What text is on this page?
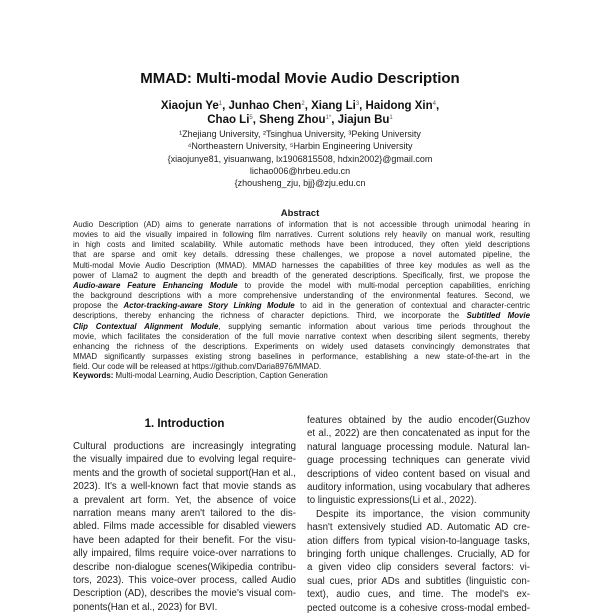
MMAD: Multi-modal Movie Audio Description
Xiaojun Ye$^1$, Junhao Chen$^2$, Xiang Li$^3$, Haidong Xin$^4$,
Chao Li$^5$, Sheng Zhou$^{1*}$, Jiajun Bu$^1$
¹Zhejiang University, ²Tsinghua University, ³Peking University
⁴Northeastern University, ⁵Harbin Engineering University
{xiaojunye81, yisuanwang, lx1906815508, hdxin2002}@gmail.com
lichao006@hrbeu.edu.cn
{zhousheng_zju, bjj}@zju.edu.cn
Abstract
Audio Description (AD) aims to generate narrations of information that is not accessible through unimodal hearing in
movies to aid the visually impaired in following film narratives. Current solutions rely heavily on manual work, resulting
in high costs and limited scalability. While automatic methods have been introduced, they often yield descriptions
that are sparse and omit key details. ddressing these challenges, we propose a novel automated pipeline, the
Multi-modal Movie Audio Description (MMAD). MMAD harnesses the capabilities of three key modules as well as the
power of Llama2 to augment the depth and breadth of the generated descriptions. Specifically, first, we propose the
Audio-aware Feature Enhancing Module to provide the model with multi-modal perception capabilities, enriching
the background descriptions with a more comprehensive understanding of the environmental features. Second, we
propose the Actor-tracking-aware Story Linking Module to aid in the generation of contextual and character-centric
descriptions, thereby enhancing the richness of character depictions. Third, we incorporate the Subtitled Movie
Clip Contextual Alignment Module, supplying semantic information about various time periods throughout the
movie, which facilitates the consideration of the full movie narrative context when describing silent segments, thereby
enhancing the richness of the descriptions. Experiments on widely used datasets convincingly demonstrates that
MMAD significantly surpasses existing strong baselines in performance, establishing a new state-of-the-art in the
field. Our code will be released at https://github.com/Daria8976/MMAD.
Keywords: Multi-modal Learning, Audio Description, Caption Generation
1. Introduction
Cultural productions are increasingly integrating
the visually impaired due to evolving legal require-
ments and the growth of societal support(Han et al.,
2023). It's a well-known fact that movie stands as
a prevalent art form. Yet, the absence of voice
narration means many aren't tailored to the dis-
abled. Films made accessible for disabled viewers
have been adapted for their benefit. For the visu-
ally impaired, films require voice-over narrations to
describe non-dialogue scenes(Wikipedia contribu-
tors, 2023). This voice-over process, called Audio
Description (AD), describes the movie's visual com-
ponents(Han et al., 2023) for BVI.
features obtained by the audio encoder(Guzhov
et al., 2022) are then concatenated as input for the
natural language processing module. Natural lan-
guage processing techniques can generate vivid
descriptions of video content based on visual and
auditory information, using vocabulary that adheres
to linguistic expressions(Li et al., 2022).
Despite its importance, the vision community
hasn't extensively studied AD. Automatic AD cre-
ation differs from typical vision-to-language tasks,
bringing forth unique challenges. Crucially, AD for
a given video clip considers several factors: vi-
sual cues, prior ADs and subtitles (linguistic con-
text), audio cues, and time. The model's ex-
pected outcome is a cohesive cross-modal embed-
